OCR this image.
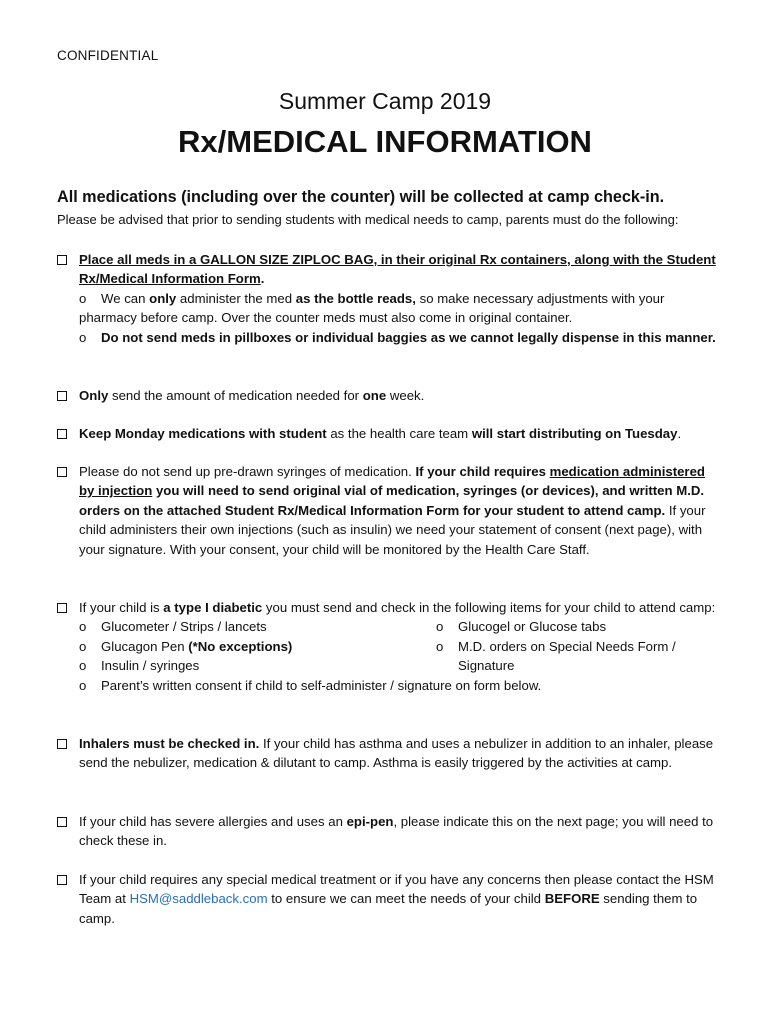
CONFIDENTIAL
Summer Camp 2019
Rx/MEDICAL INFORMATION
All medications (including over the counter) will be collected at camp check-in.
Please be advised that prior to sending students with medical needs to camp, parents must do the following:
Place all meds in a GALLON SIZE ZIPLOC BAG, in their original Rx containers, along with the Student Rx/Medical Information Form.
o We can only administer the med as the bottle reads, so make necessary adjustments with your pharmacy before camp. Over the counter meds must also come in original container.
o Do not send meds in pillboxes or individual baggies as we cannot legally dispense in this manner.
Only send the amount of medication needed for one week.
Keep Monday medications with student as the health care team will start distributing on Tuesday.
Please do not send up pre-drawn syringes of medication. If your child requires medication administered by injection you will need to send original vial of medication, syringes (or devices), and written M.D. orders on the attached Student Rx/Medical Information Form for your student to attend camp. If your child administers their own injections (such as insulin) we need your statement of consent (next page), with your signature. With your consent, your child will be monitored by the Health Care Staff.
If your child is a type I diabetic you must send and check in the following items for your child to attend camp:
o Glucometer / Strips / lancets
o Glucagon Pen (*No exceptions)
o Insulin / syringes
o Parent’s written consent if child to self-administer / signature on form below.
o Glucogel or Glucose tabs
o M.D. orders on Special Needs Form /
Signature
Inhalers must be checked in. If your child has asthma and uses a nebulizer in addition to an inhaler, please send the nebulizer, medication & dilutant to camp. Asthma is easily triggered by the activities at camp.
If your child has severe allergies and uses an epi-pen, please indicate this on the next page; you will need to check these in.
If your child requires any special medical treatment or if you have any concerns then please contact the HSM Team at HSM@saddleback.com to ensure we can meet the needs of your child BEFORE sending them to camp.
